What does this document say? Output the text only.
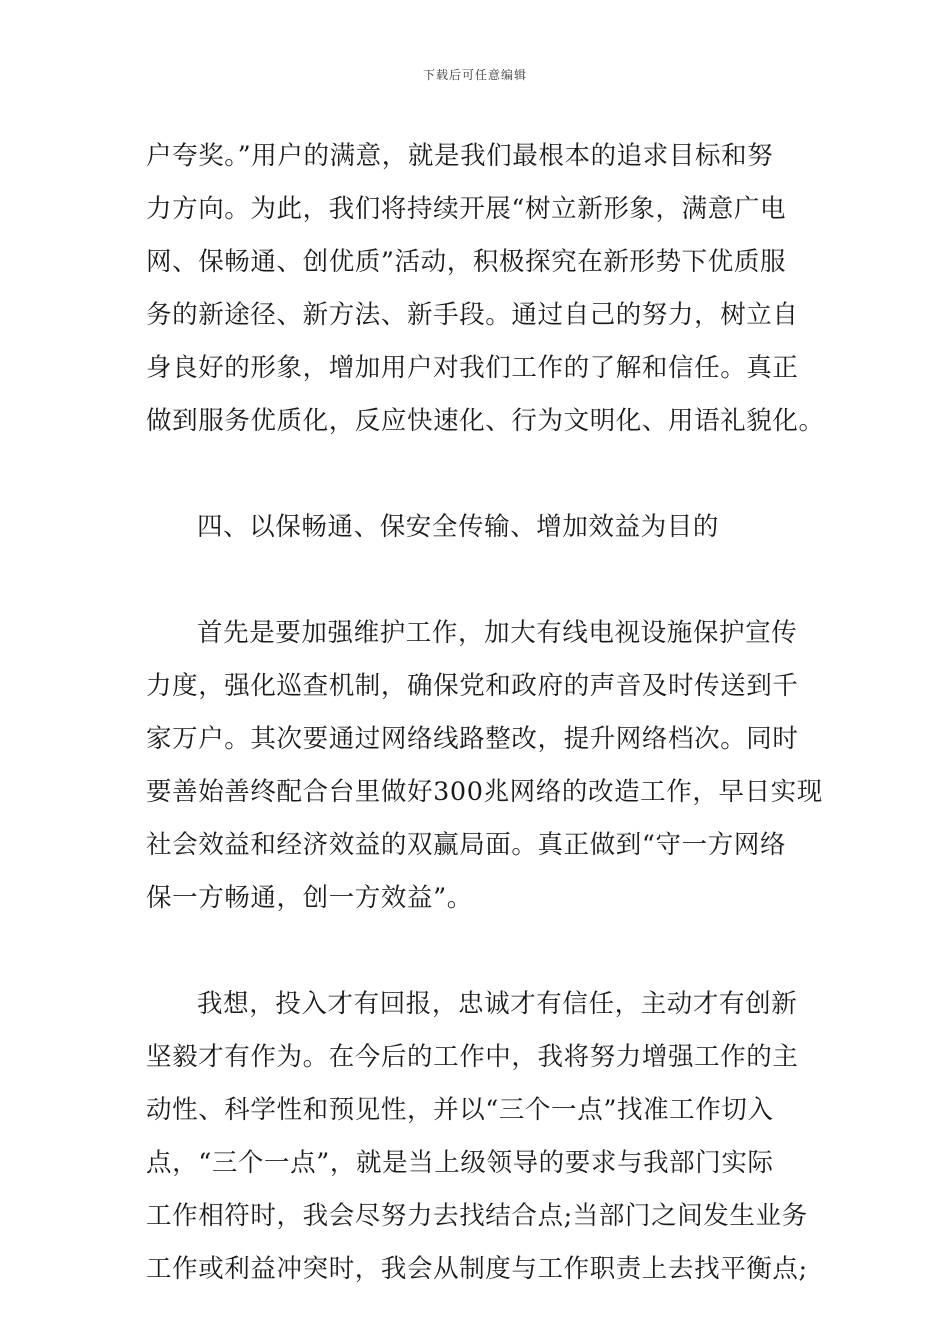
下载后可任意编辑
户夸奖。”用户的满意，就是我们最根本的追求目标和努
力方向。为此，我们将持续开展“树立新形象，满意广电
网、保畅通、创优质”活动，积极探究在新形势下优质服
务的新途径、新方法、新手段。通过自己的努力，树立自
身良好的形象，增加用户对我们工作的了解和信任。真正
做到服务优质化，反应快速化、行为文明化、用语礼貌化。
四、以保畅通、保安全传输、增加效益为目的
首先是要加强维护工作，加大有线电视设施保护宣传
力度，强化巡查机制，确保党和政府的声音及时传送到千
家万户。其次要通过网络线路整改，提升网络档次。同时
要善始善终配合台里做好300兆网络的改造工作，早日实现
社会效益和经济效益的双赢局面。真正做到“守一方网络
保一方畅通，创一方效益”。
我想，投入才有回报，忠诚才有信任，主动才有创新
坚毅才有作为。在今后的工作中，我将努力增强工作的主
动性、科学性和预见性，并以“三个一点”找准工作切入
点，“三个一点”，就是当上级领导的要求与我部门实际
工作相符时，我会尽努力去找结合点;当部门之间发生业务
工作或利益冲突时，我会从制度与工作职责上去找平衡点;
